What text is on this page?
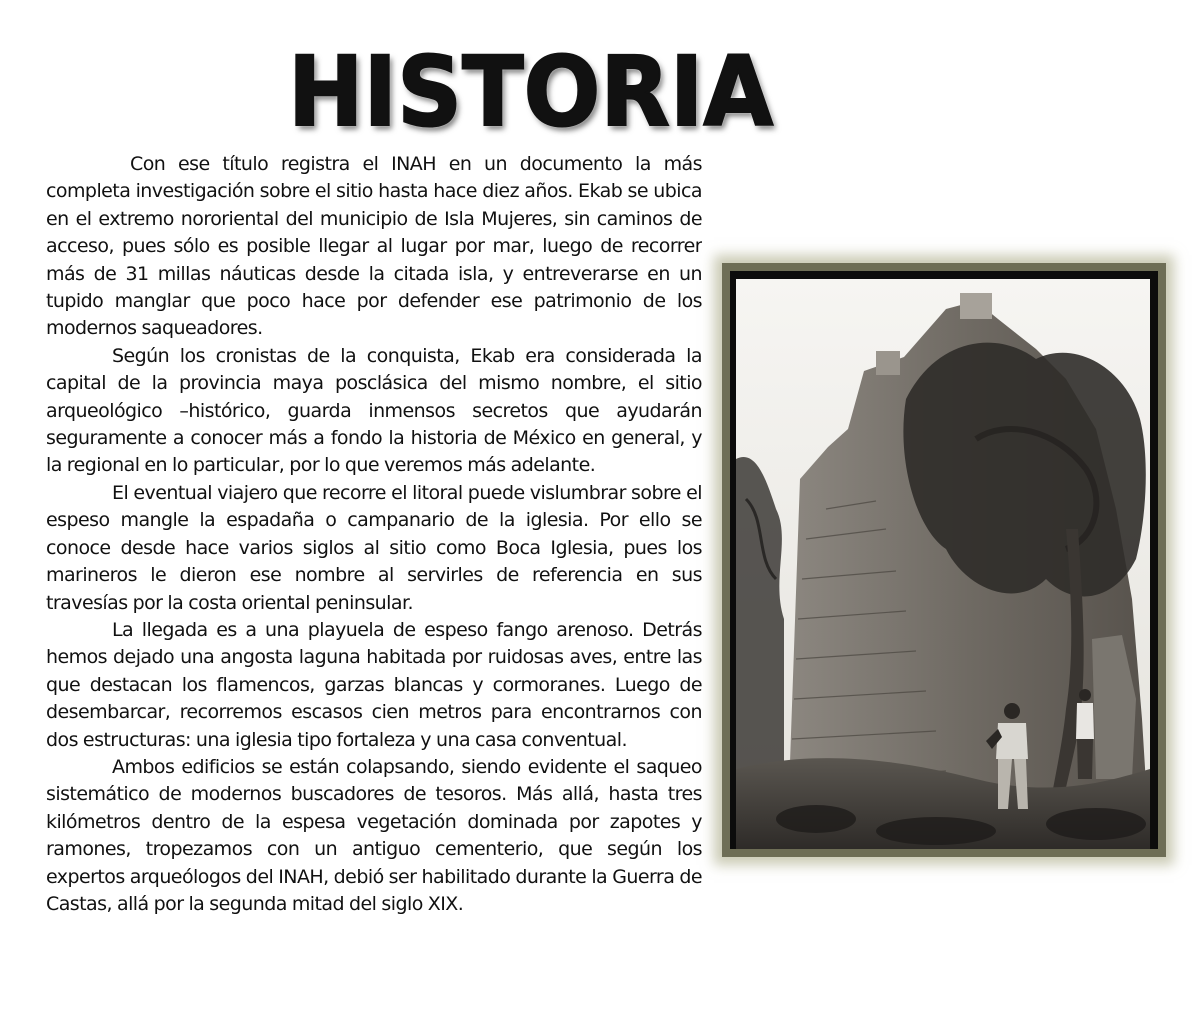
HISTORIA

Con ese título registra el INAH en un documento la más completa investigación sobre el sitio hasta hace diez años. Ekab se ubica en el extremo nororiental del municipio de Isla Mujeres, sin caminos de acceso, pues sólo es posible llegar al lugar por mar, luego de recorrer más de 31 millas náuticas desde la citada isla, y entreverarse en un tupido manglar que poco hace por defender ese patrimonio de los modernos saqueadores.

Según los cronistas de la conquista, Ekab era considerada la capital de la provincia maya posclásica del mismo nombre, el sitio arqueológico –histórico, guarda inmensos secretos que ayudarán seguramente a conocer más a fondo la historia de México en general, y la regional en lo particular, por lo que veremos más adelante.

El eventual viajero que recorre el litoral puede vislumbrar sobre el espeso mangle la espadaña o campanario de la iglesia. Por ello se conoce desde hace varios siglos al sitio como Boca Iglesia, pues los marineros le dieron ese nombre al servirles de referencia en sus travesías por la costa oriental peninsular.

La llegada es a una playuela de espeso fango arenoso. Detrás hemos dejado una angosta laguna habitada por ruidosas aves, entre las que destacan los flamencos, garzas blancas y cormoranes. Luego de desembarcar, recorremos escasos cien metros para encontrarnos con dos estructuras: una iglesia tipo fortaleza y una casa conventual.

Ambos edificios se están colapsando, siendo evidente el saqueo sistemático de modernos buscadores de tesoros. Más allá, hasta tres kilómetros dentro de la espesa vegetación dominada por zapotes y ramones, tropezamos con un antiguo cementerio, que según los expertos arqueólogos del INAH, debió ser habilitado durante la Guerra de Castas, allá por la segunda mitad del siglo XIX.
